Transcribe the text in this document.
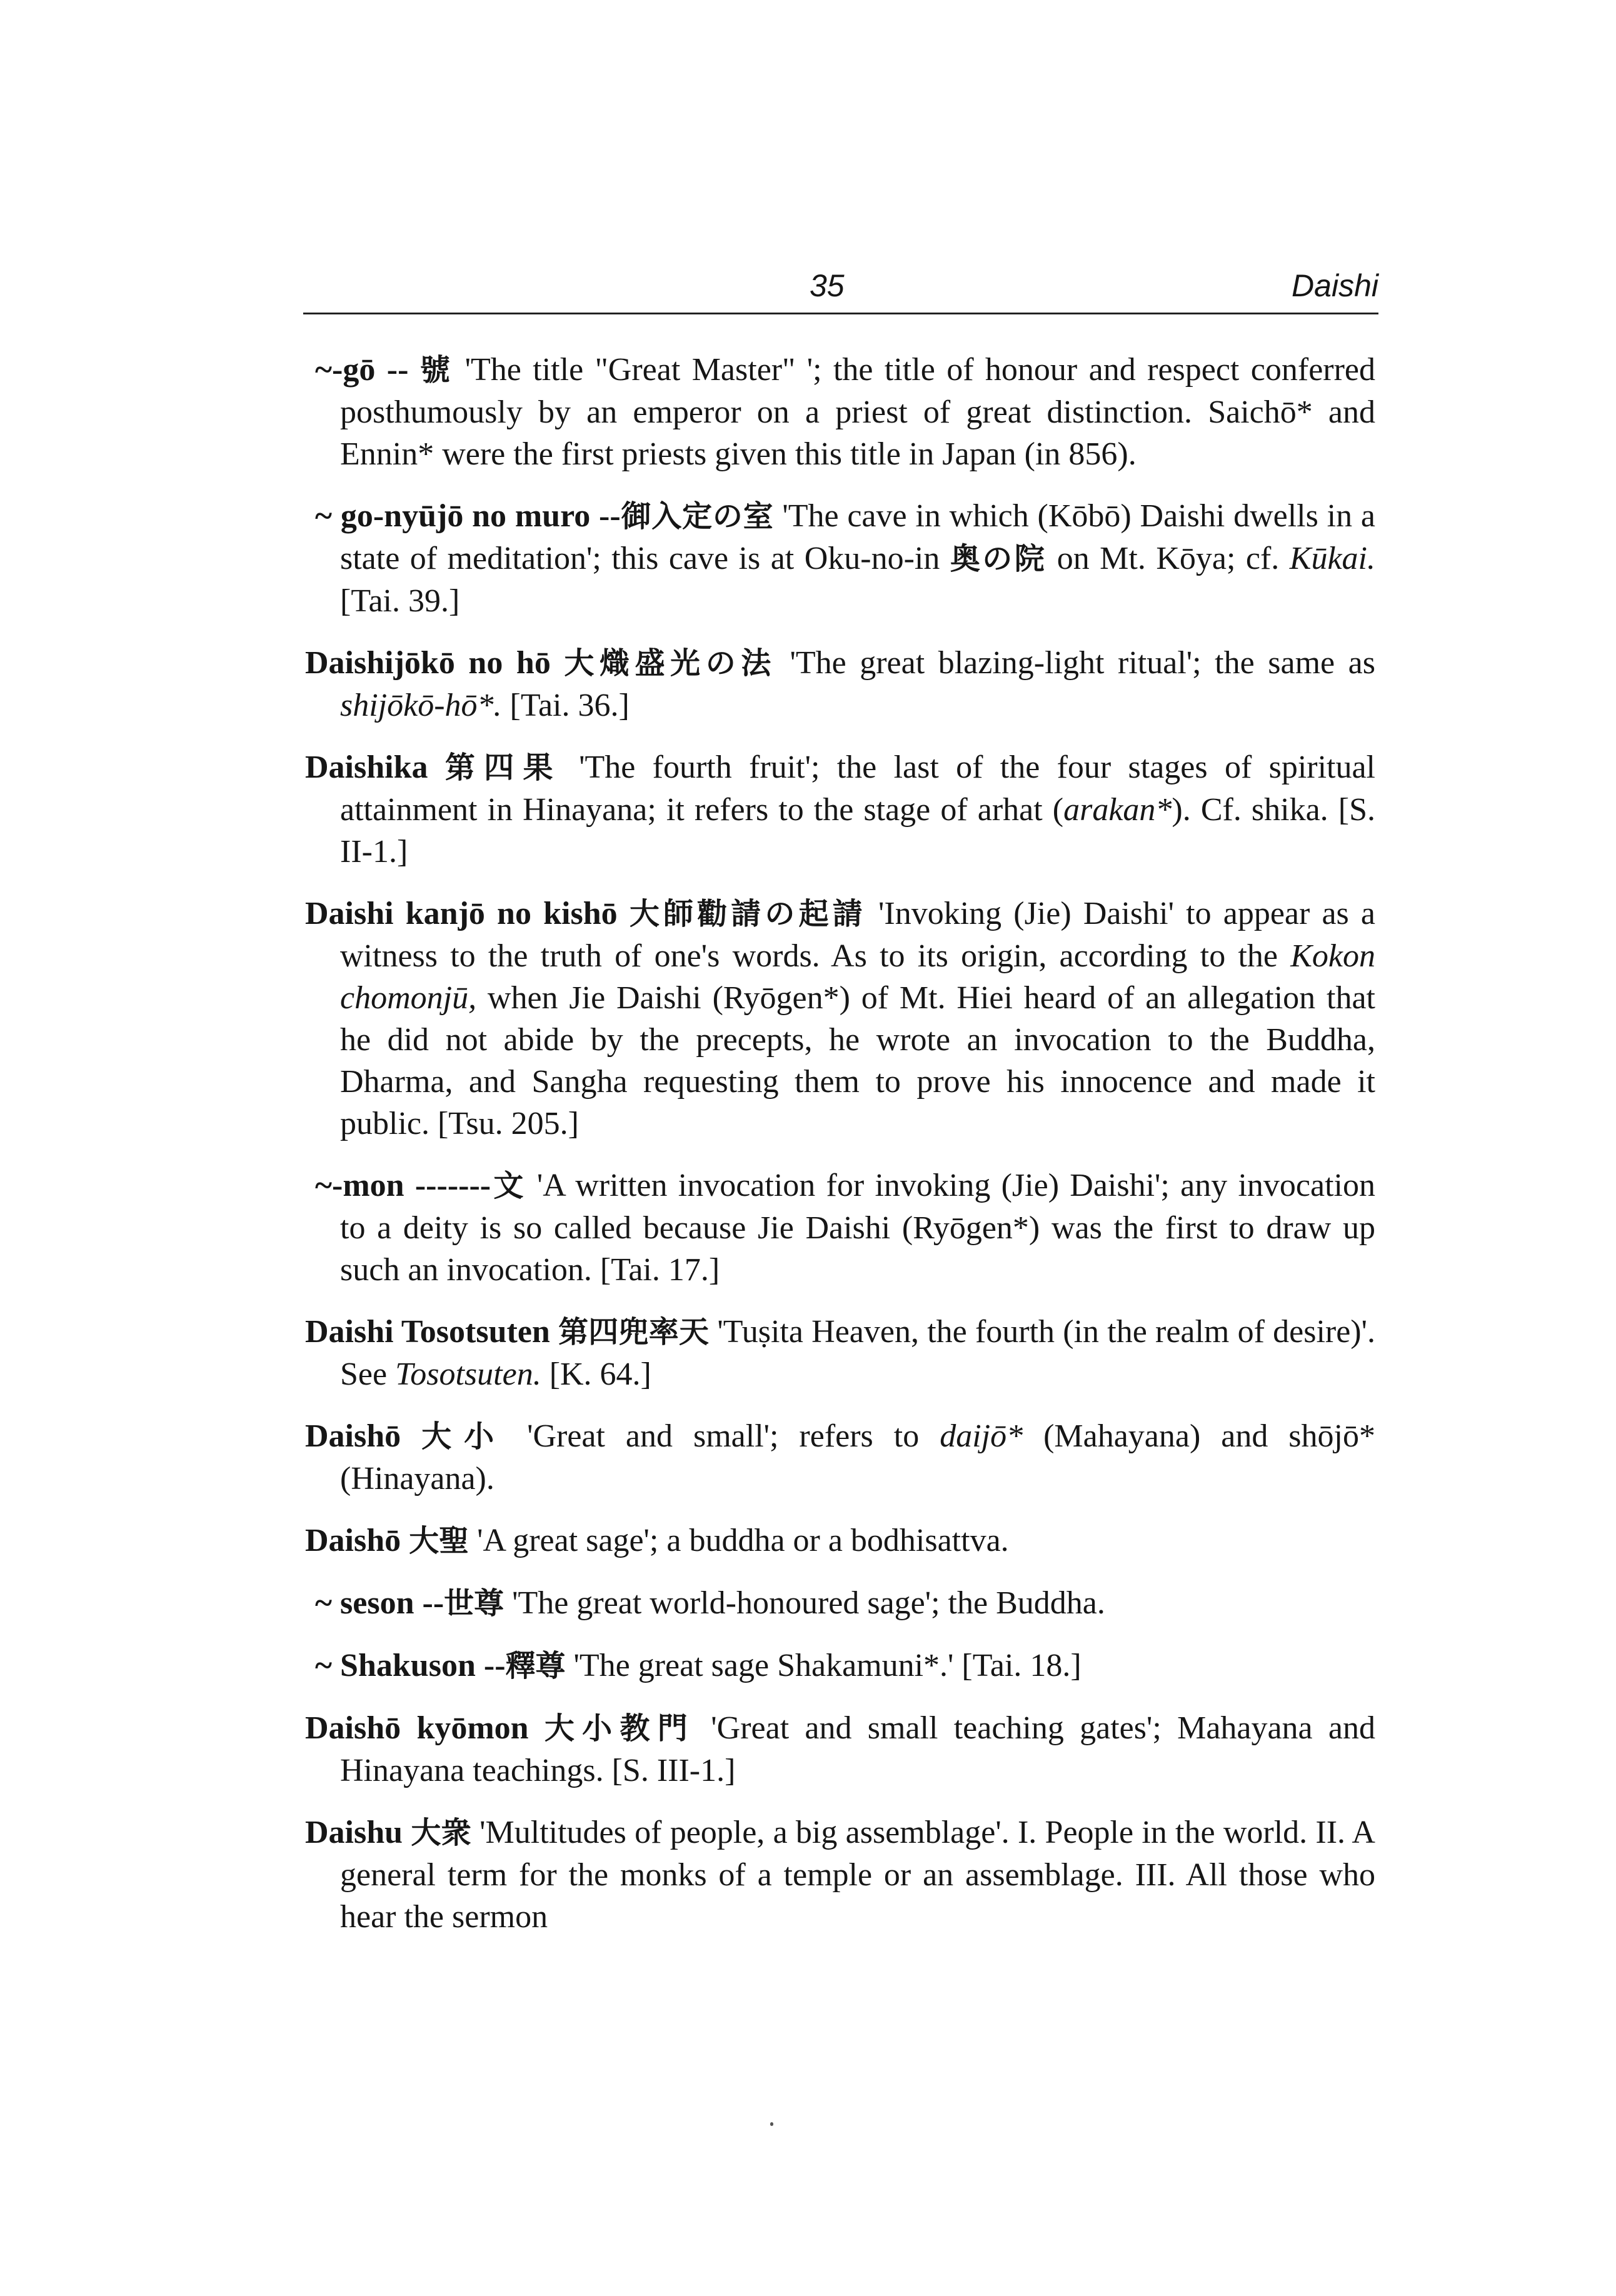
35	Daishi

~-gō -- 號 'The title "Great Master" '; the title of honour and respect conferred posthumously by an emperor on a priest of great distinction. Saichō* and Ennin* were the first priests given this title in Japan (in 856).

~ go-nyūjō no muro --御入定の室 'The cave in which (Kōbō) Daishi dwells in a state of meditation'; this cave is at Oku-no-in 奥の院 on Mt. Kōya; cf. Kūkai. [Tai. 39.]

Daishijōkō no hō 大熾盛光の法 'The great blazing-light ritual'; the same as shijōkō-hō*. [Tai. 36.]

Daishika 第四果 'The fourth fruit'; the last of the four stages of spiritual attainment in Hinayana; it refers to the stage of arhat (arakan*). Cf. shika. [S. II-1.]

Daishi kanjō no kishō 大師勸請の起請 'Invoking (Jie) Daishi' to appear as a witness to the truth of one's words. As to its origin, according to the Kokon chomonjū, when Jie Daishi (Ryōgen*) of Mt. Hiei heard of an allegation that he did not abide by the precepts, he wrote an invocation to the Buddha, Dharma, and Sangha requesting them to prove his innocence and made it public. [Tsu. 205.]

~-mon -------文 'A written invocation for invoking (Jie) Daishi'; any invocation to a deity is so called because Jie Daishi (Ryōgen*) was the first to draw up such an invocation. [Tai. 17.]

Daishi Tosotsuten 第四兜率天 'Tuṣita Heaven, the fourth (in the realm of desire)'. See Tosotsuten. [K. 64.]

Daishō 大小 'Great and small'; refers to daijō* (Mahayana) and shōjō* (Hinayana).

Daishō 大聖 'A great sage'; a buddha or a bodhisattva.

~ seson --世尊 'The great world-honoured sage'; the Buddha.

~ Shakuson --釋尊 'The great sage Shakamuni*.' [Tai. 18.]

Daishō kyōmon 大小教門 'Great and small teaching gates'; Mahayana and Hinayana teachings. [S. III-1.]

Daishu 大衆 'Multitudes of people, a big assemblage'. I. People in the world. II. A general term for the monks of a temple or an assemblage. III. All those who hear the sermon
